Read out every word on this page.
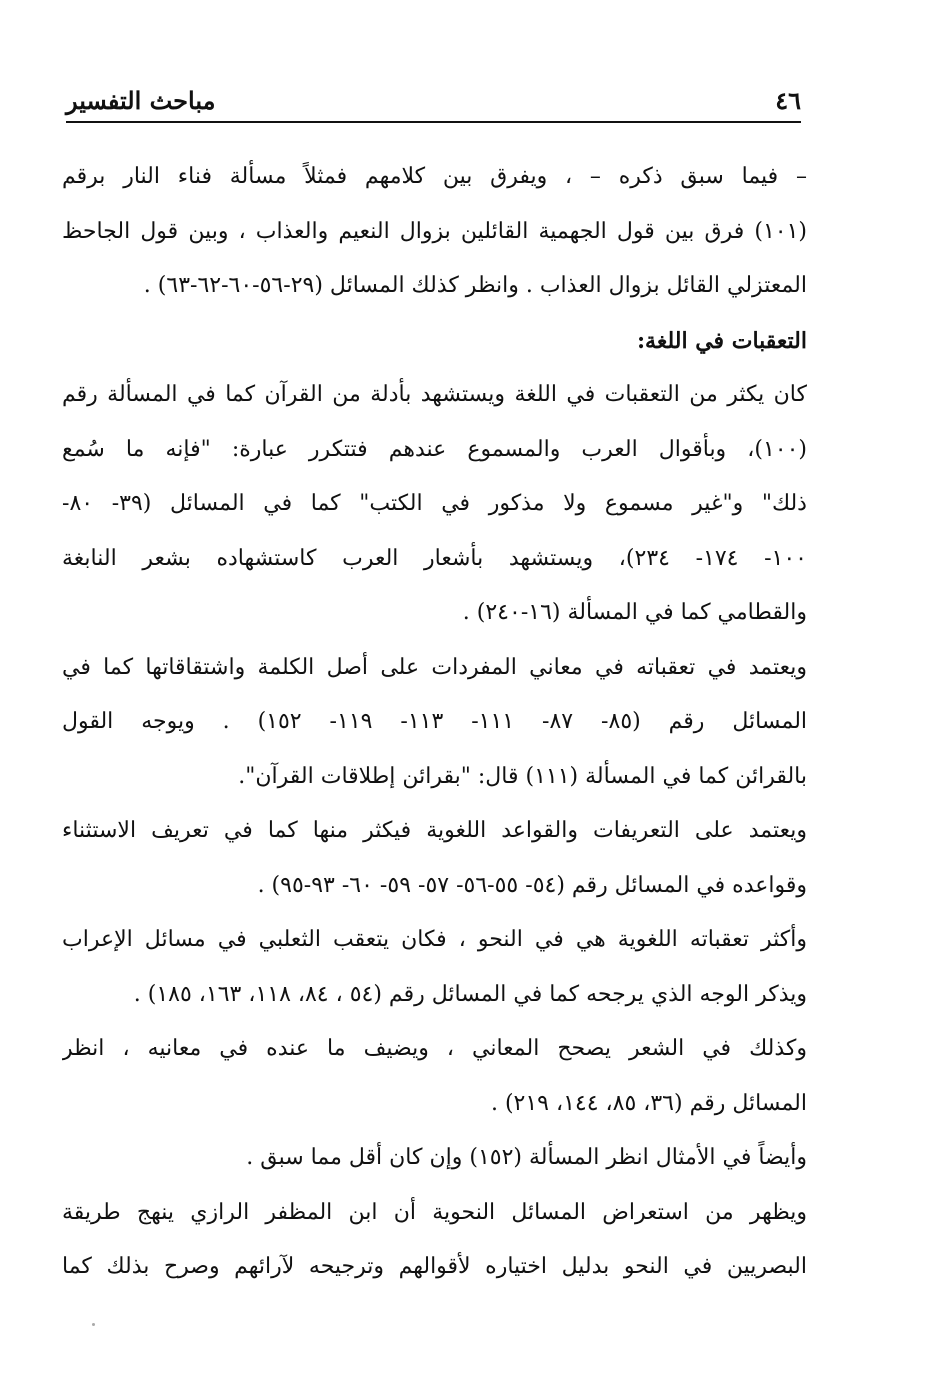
٤٦
مباحث التفسير
– فيما سبق ذكره – ، ويفرق بين كلامهم فمثلاً مسألة فناء النار برقم
(١٠١) فرق بين قول الجهمية القائلين بزوال النعيم والعذاب ، وبين قول الجاحظ
المعتزلي القائل بزوال العذاب . وانظر كذلك المسائل (٢٩-٥٦-٦٠-٦٢-٦٣) .
التعقبات في اللغة:
كان يكثر من التعقبات في اللغة ويستشهد بأدلة من القرآن كما في المسألة رقم
(١٠٠)، وبأقوال العرب والمسموع عندهم فتتكرر عبارة: "فإنه ما سُمع
ذلك" و"غير مسموع ولا مذكور في الكتب" كما في المسائل (٣٩- ٨٠-
١٠٠- ١٧٤- ٢٣٤)، ويستشهد بأشعار العرب كاستشهاده بشعر النابغة
والقطامي كما في المسألة (١٦-٢٤٠) .
ويعتمد في تعقباته في معاني المفردات على أصل الكلمة واشتقاقاتها كما في
المسائل رقم (٨٥- ٨٧- ١١١- ١١٣- ١١٩- ١٥٢) . ويوجه القول
بالقرائن كما في المسألة (١١١) قال: "بقرائن إطلاقات القرآن".
ويعتمد على التعريفات والقواعد اللغوية فيكثر منها كما في تعريف الاستثناء
وقواعده في المسائل رقم (٥٤- ٥٥-٥٦- ٥٧- ٥٩- ٦٠- ٩٣-٩٥) .
وأكثر تعقباته اللغوية هي في النحو ، فكان يتعقب الثعلبي في مسائل الإعراب
ويذكر الوجه الذي يرجحه كما في المسائل رقم (٥٤ ، ٨٤، ١١٨، ١٦٣، ١٨٥) .
وكذلك في الشعر يصحح المعاني ، ويضيف ما عنده في معانيه ، انظر
المسائل رقم (٣٦، ٨٥، ١٤٤، ٢١٩) .
وأيضاً في الأمثال انظر المسألة (١٥٢) وإن كان أقل مما سبق .
ويظهر من استعراض المسائل النحوية أن ابن المظفر الرازي ينهج طريقة
البصريين في النحو بدليل اختياره لأقوالهم وترجيحه لآرائهم وصرح بذلك كما
